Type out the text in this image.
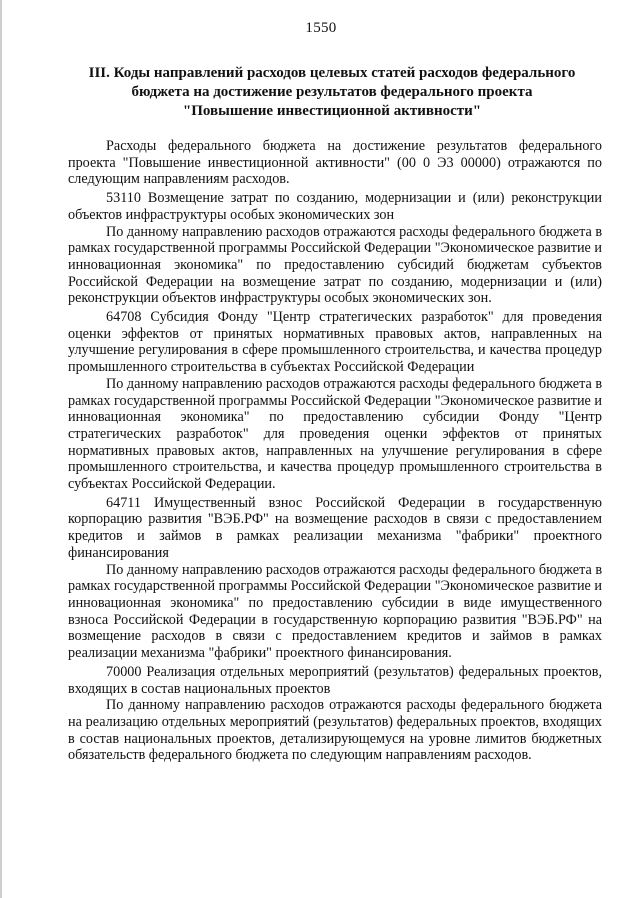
1550
III. Коды направлений расходов целевых статей расходов федерального
бюджета на достижение результатов федерального проекта
"Повышение инвестиционной активности"

Расходы федерального бюджета на достижение результатов федерального проекта "Повышение инвестиционной активности" (00 0 Э3 00000) отражаются по следующим направлениям расходов.

53110 Возмещение затрат по созданию, модернизации и (или) реконструкции объектов инфраструктуры особых экономических зон

По данному направлению расходов отражаются расходы федерального бюджета в рамках государственной программы Российской Федерации "Экономическое развитие и инновационная экономика" по предоставлению субсидий бюджетам субъектов Российской Федерации на возмещение затрат по созданию, модернизации и (или) реконструкции объектов инфраструктуры особых экономических зон.

64708 Субсидия Фонду "Центр стратегических разработок" для проведения оценки эффектов от принятых нормативных правовых актов, направленных на улучшение регулирования в сфере промышленного строительства, и качества процедур промышленного строительства в субъектах Российской Федерации

По данному направлению расходов отражаются расходы федерального бюджета в рамках государственной программы Российской Федерации "Экономическое развитие и инновационная экономика" по предоставлению субсидии Фонду "Центр стратегических разработок" для проведения оценки эффектов от принятых нормативных правовых актов, направленных на улучшение регулирования в сфере промышленного строительства, и качества процедур промышленного строительства в субъектах Российской Федерации.

64711 Имущественный взнос Российской Федерации в государственную корпорацию развития "ВЭБ.РФ" на возмещение расходов в связи с предоставлением кредитов и займов в рамках реализации механизма "фабрики" проектного финансирования

По данному направлению расходов отражаются расходы федерального бюджета в рамках государственной программы Российской Федерации "Экономическое развитие и инновационная экономика" по предоставлению субсидии в виде имущественного взноса Российской Федерации в государственную корпорацию развития "ВЭБ.РФ" на возмещение расходов в связи с предоставлением кредитов и займов в рамках реализации механизма "фабрики" проектного финансирования.

70000 Реализация отдельных мероприятий (результатов) федеральных проектов, входящих в состав национальных проектов

По данному направлению расходов отражаются расходы федерального бюджета на реализацию отдельных мероприятий (результатов) федеральных проектов, входящих в состав национальных проектов, детализирующемуся на уровне лимитов бюджетных обязательств федерального бюджета по следующим направлениям расходов.
